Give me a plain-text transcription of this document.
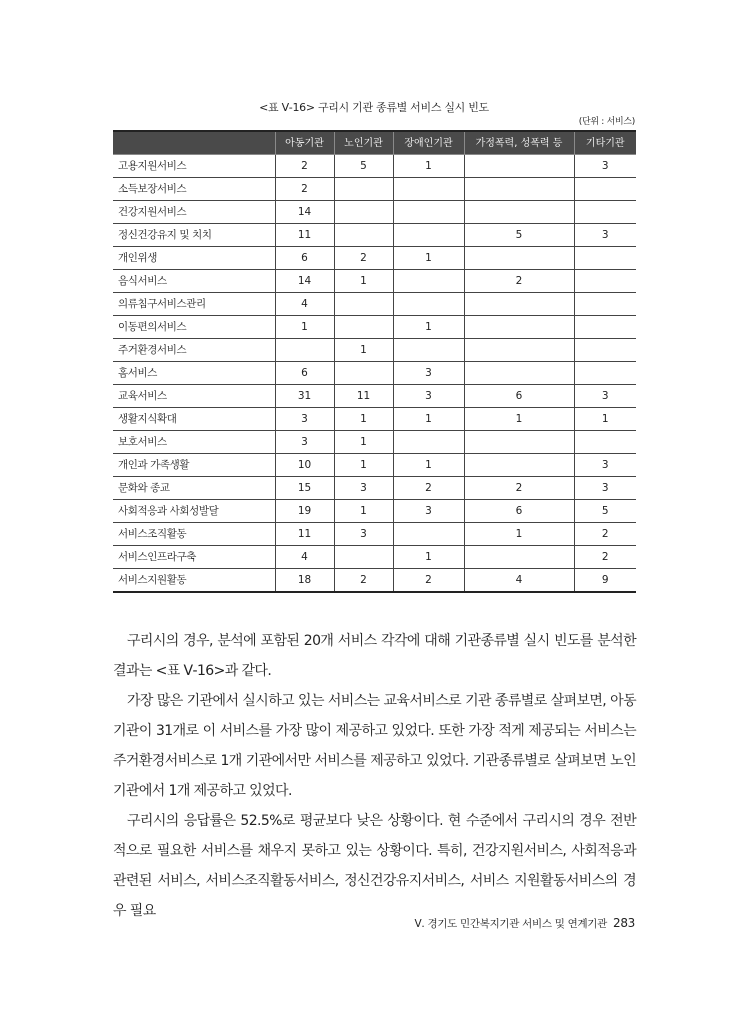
<표 Ⅴ-16> 구리시 기관 종류별 서비스 실시 빈도
(단위 : 서비스)
	아동기관	노인기관	장애인기관	가정폭력, 성폭력 등	기타기관
고용지원서비스	2	5	1		3
소득보장서비스	2				
건강지원서비스	14				
정신건강유지 및 치치	11			5	3
개인위생	6	2	1		
음식서비스	14	1		2	
의류침구서비스관리	4				
이동편의서비스	1		1		
주거환경서비스		1			
홈서비스	6		3		
교육서비스	31	11	3	6	3
생활지식확대	3	1	1	1	1
보호서비스	3	1			
개인과 가족생활	10	1	1		3
문화와 종교	15	3	2	2	3
사회적응과 사회성발달	19	1	3	6	5
서비스조직활동	11	3		1	2
서비스인프라구축	4		1		2
서비스지원활동	18	2	2	4	9

구리시의 경우, 분석에 포함된 20개 서비스 각각에 대해 기관종류별 실시 빈도를 분석한 결과는 <표 Ⅴ-16>과 같다.

가장 많은 기관에서 실시하고 있는 서비스는 교육서비스로 기관 종류별로 살펴보면, 아동기관이 31개로 이 서비스를 가장 많이 제공하고 있었다. 또한 가장 적게 제공되는 서비스는 주거환경서비스로 1개 기관에서만 서비스를 제공하고 있었다. 기관종류별로 살펴보면 노인기관에서 1개 제공하고 있었다.

구리시의 응답률은 52.5%로 평균보다 낮은 상황이다. 현 수준에서 구리시의 경우 전반적으로 필요한 서비스를 채우지 못하고 있는 상황이다. 특히, 건강지원서비스, 사회적응과관련된 서비스, 서비스조직활동서비스, 정신건강유지서비스, 서비스 지원활동서비스의 경우 필요

Ⅴ. 경기도 민간복지기관 서비스 및 연계기관 283
